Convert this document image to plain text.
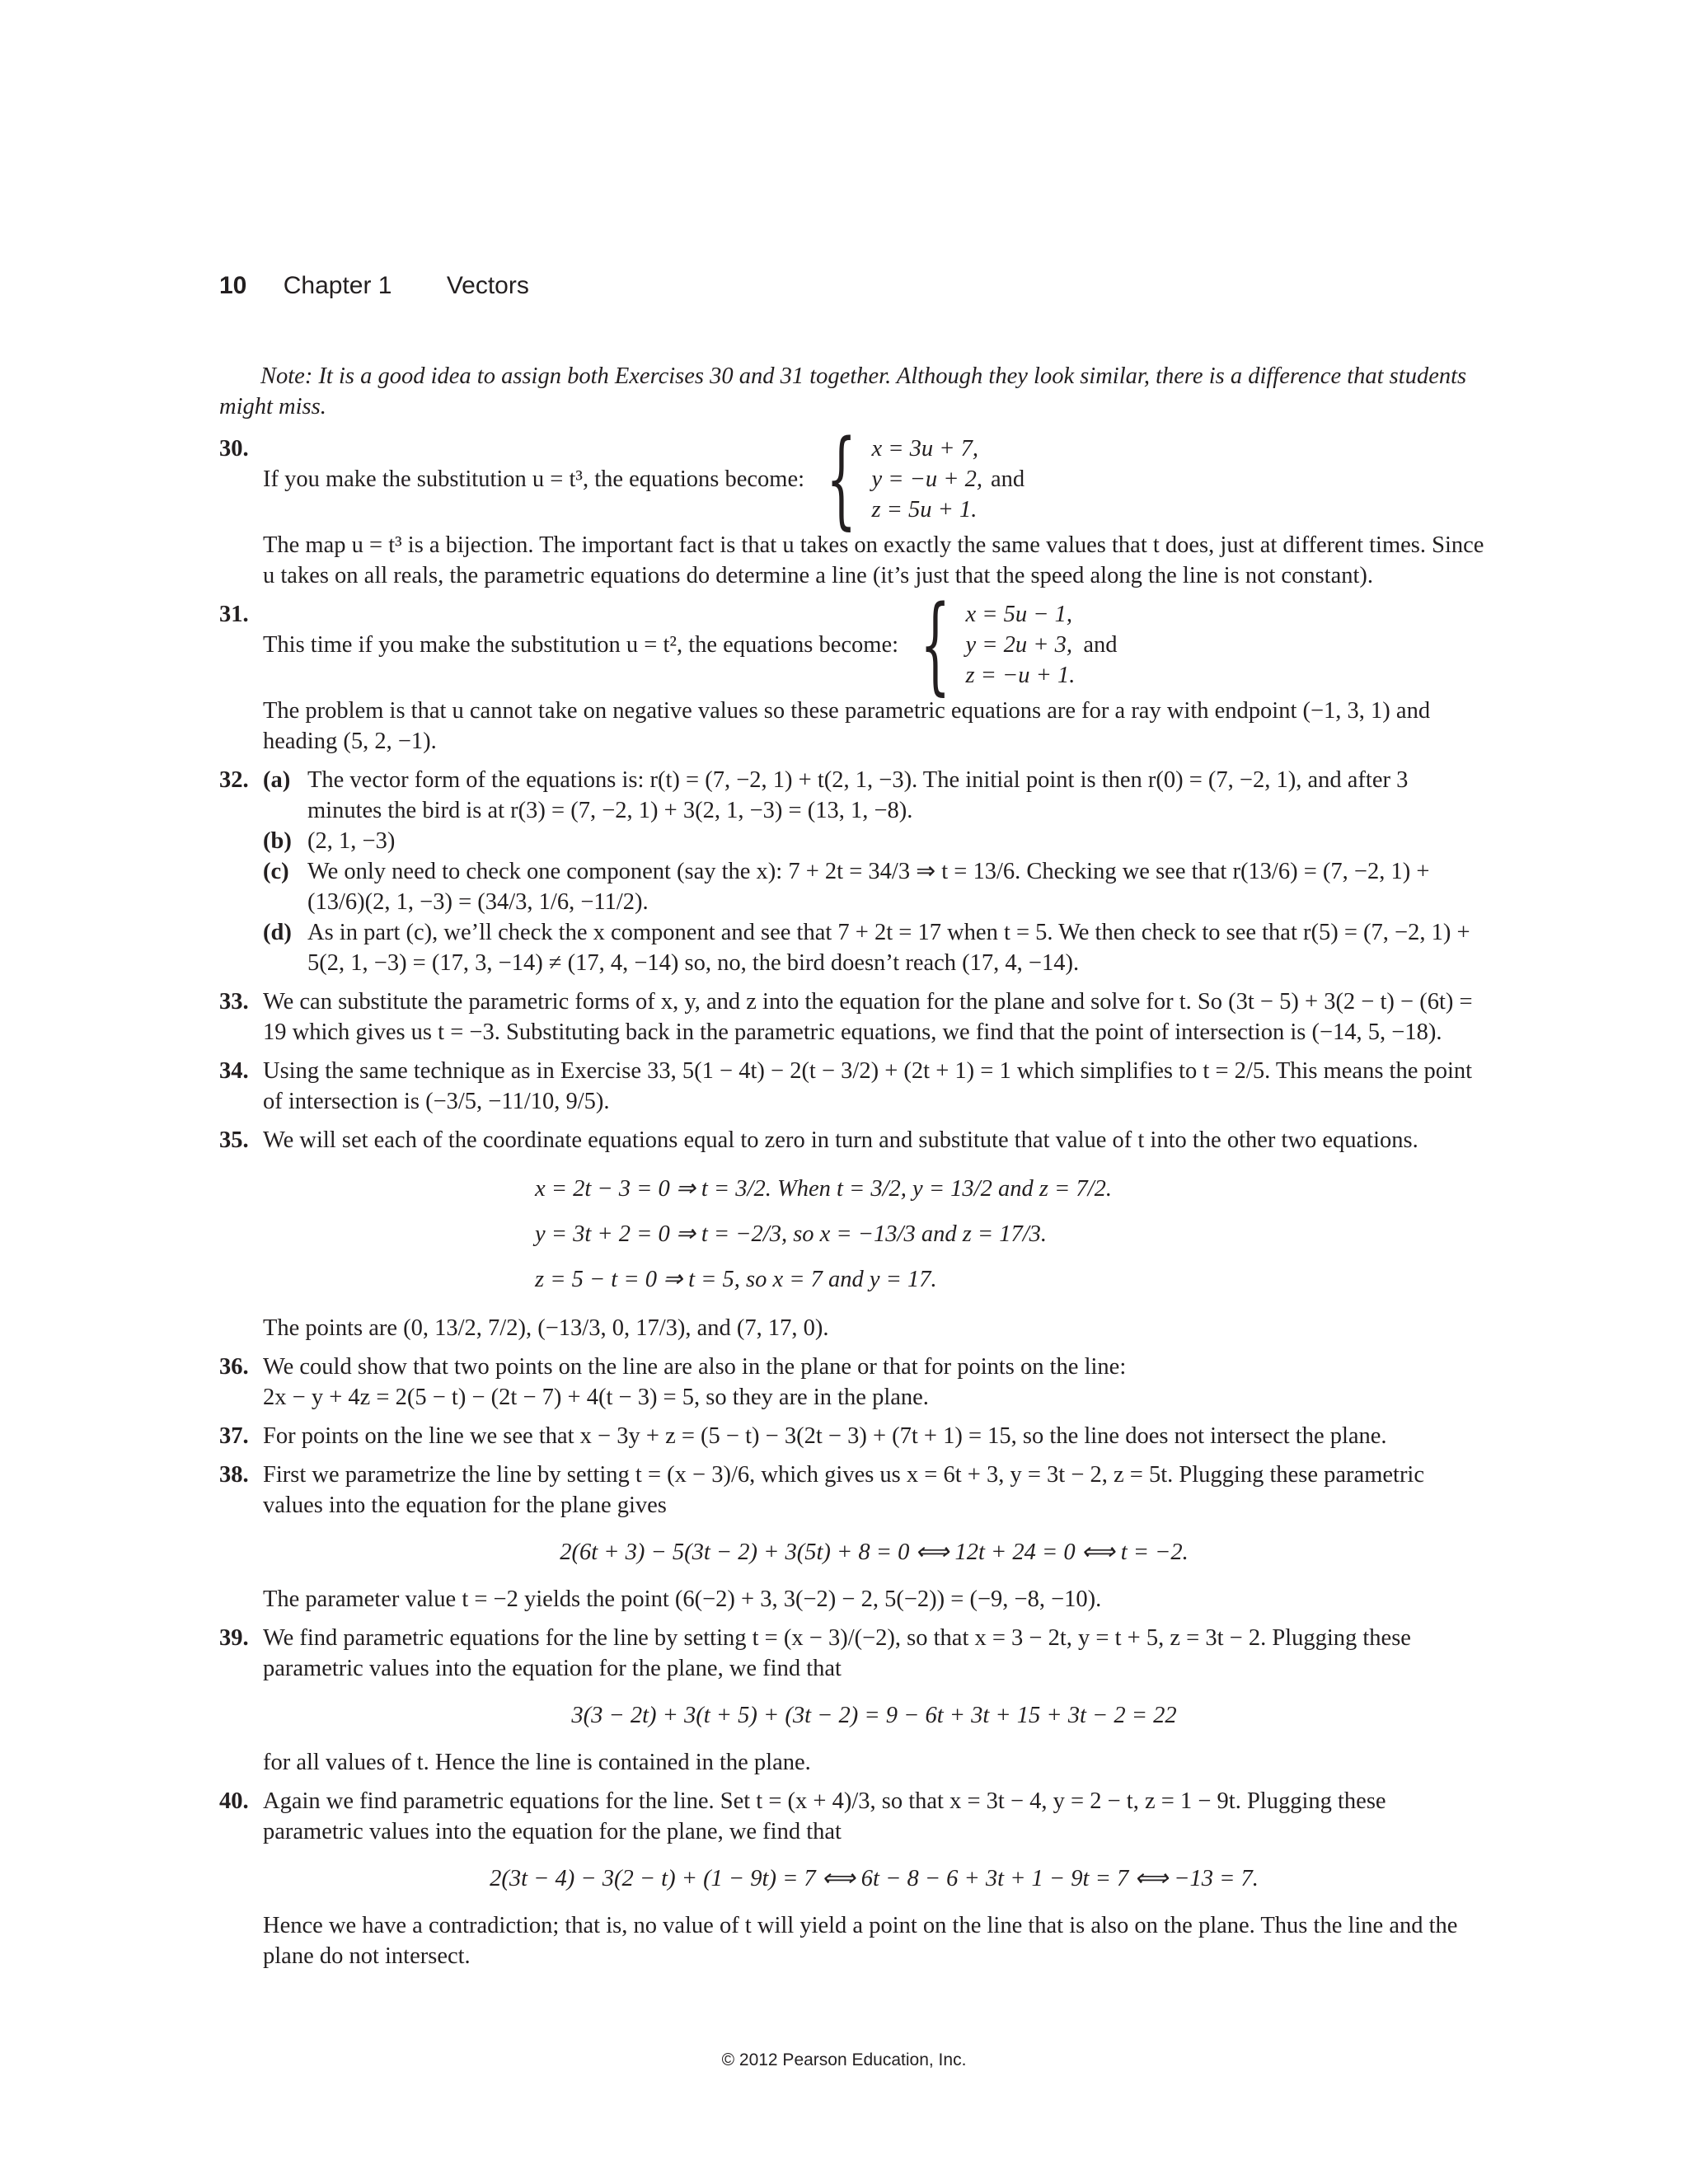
10 Chapter 1 Vectors

Note: It is a good idea to assign both Exercises 30 and 31 together. Although they look similar, there is a difference that students might miss.

30.
If you make the substitution u = t³, the equations become: { x = 3u + 7,
y = −u + 2,
z = 5u + 1.
and

The map u = t³ is a bijection. The important fact is that u takes on exactly the same values that t does, just at different times. Since u takes on all reals, the parametric equations do determine a line (it’s just that the speed along the line is not constant).

31.
This time if you make the substitution u = t², the equations become: { x = 5u − 1,
y = 2u + 3,
z = −u + 1.
and

The problem is that u cannot take on negative values so these parametric equations are for a ray with endpoint (−1, 3, 1) and heading (5, 2, −1).

32. (a) The vector form of the equations is: r(t) = (7, −2, 1) + t(2, 1, −3). The initial point is then r(0) = (7, −2, 1), and after 3 minutes the bird is at r(3) = (7, −2, 1) + 3(2, 1, −3) = (13, 1, −8).
(b) (2, 1, −3)
(c) We only need to check one component (say the x): 7 + 2t = 34/3 ⇒ t = 13/6. Checking we see that r(13/6) = (7, −2, 1) + (13/6)(2, 1, −3) = (34/3, 1/6, −11/2).
(d) As in part (c), we’ll check the x component and see that 7 + 2t = 17 when t = 5. We then check to see that r(5) = (7, −2, 1) + 5(2, 1, −3) = (17, 3, −14) ≠ (17, 4, −14) so, no, the bird doesn’t reach (17, 4, −14).
33. We can substitute the parametric forms of x, y, and z into the equation for the plane and solve for t. So (3t − 5) + 3(2 − t) − (6t) = 19 which gives us t = −3. Substituting back in the parametric equations, we find that the point of intersection is (−14, 5, −18).

34. Using the same technique as in Exercise 33, 5(1 − 4t) − 2(t − 3/2) + (2t + 1) = 1 which simplifies to t = 2/5. This means the point of intersection is (−3/5, −11/10, 9/5).

35. We will set each of the coordinate equations equal to zero in turn and substitute that value of t into the other two equations.

x = 2t − 3 = 0 ⇒ t = 3/2. When t = 3/2, y = 13/2 and z = 7/2.
y = 3t + 2 = 0 ⇒ t = −2/3, so x = −13/3 and z = 17/3.
z = 5 − t = 0 ⇒ t = 5, so x = 7 and y = 17.

The points are (0, 13/2, 7/2), (−13/3, 0, 17/3), and (7, 17, 0).

36. We could show that two points on the line are also in the plane or that for points on the line:

2x − y + 4z = 2(5 − t) − (2t − 7) + 4(t − 3) = 5, so they are in the plane.

37. For points on the line we see that x − 3y + z = (5 − t) − 3(2t − 3) + (7t + 1) = 15, so the line does not intersect the plane.

38. First we parametrize the line by setting t = (x − 3)/6, which gives us x = 6t + 3, y = 3t − 2, z = 5t. Plugging these parametric values into the equation for the plane gives

2(6t + 3) − 5(3t − 2) + 3(5t) + 8 = 0 ⟺ 12t + 24 = 0 ⟺ t = −2.

The parameter value t = −2 yields the point (6(−2) + 3, 3(−2) − 2, 5(−2)) = (−9, −8, −10).

39. We find parametric equations for the line by setting t = (x − 3)/(−2), so that x = 3 − 2t, y = t + 5, z = 3t − 2. Plugging these parametric values into the equation for the plane, we find that

3(3 − 2t) + 3(t + 5) + (3t − 2) = 9 − 6t + 3t + 15 + 3t − 2 = 22

for all values of t. Hence the line is contained in the plane.

40. Again we find parametric equations for the line. Set t = (x + 4)/3, so that x = 3t − 4, y = 2 − t, z = 1 − 9t. Plugging these parametric values into the equation for the plane, we find that

2(3t − 4) − 3(2 − t) + (1 − 9t) = 7 ⟺ 6t − 8 − 6 + 3t + 1 − 9t = 7 ⟺ −13 = 7.

Hence we have a contradiction; that is, no value of t will yield a point on the line that is also on the plane. Thus the line and the plane do not intersect.

© 2012 Pearson Education, Inc.
